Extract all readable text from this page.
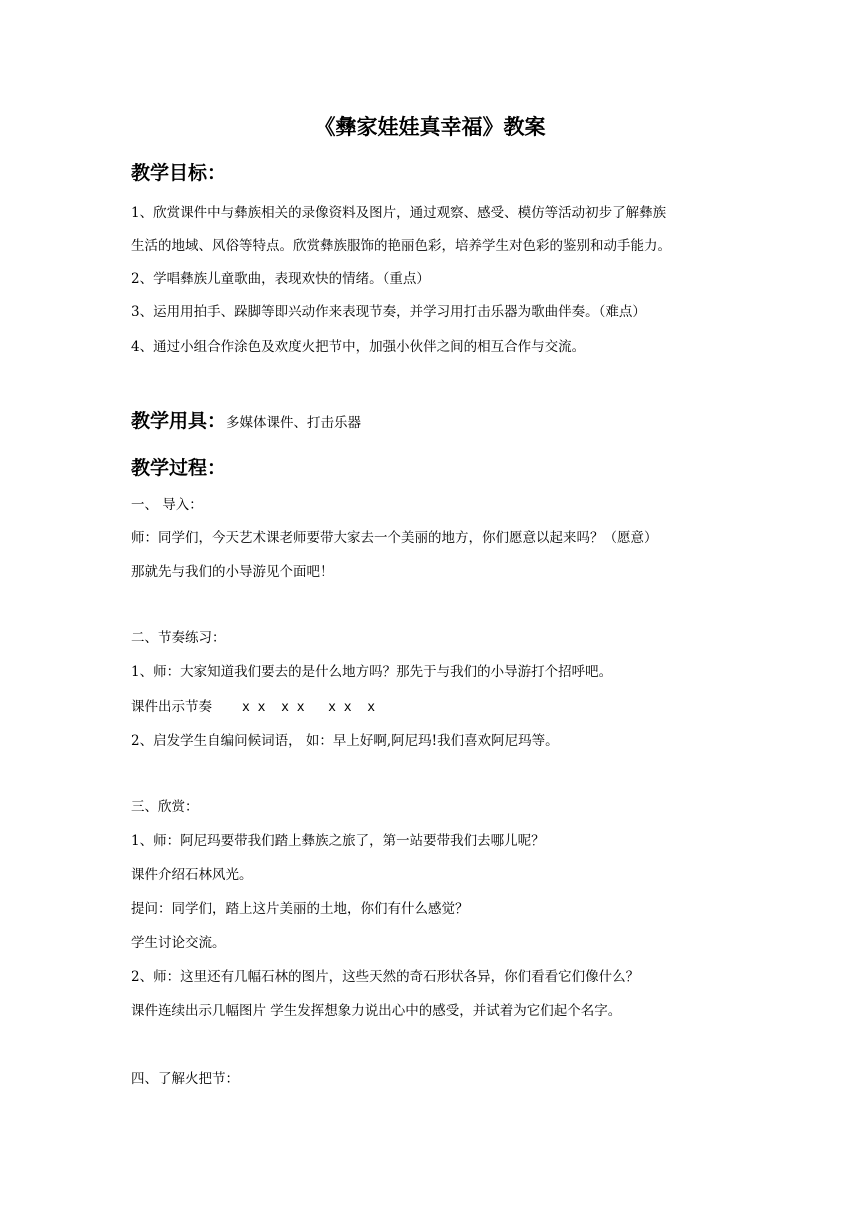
《彝家娃娃真幸福》教案
教学目标：
1、欣赏课件中与彝族相关的录像资料及图片，通过观察、感受、模仿等活动初步了解彝族
生活的地域、风俗等特点。欣赏彝族服饰的艳丽色彩，培养学生对色彩的鉴别和动手能力。
2、学唱彝族儿童歌曲，表现欢快的情绪。（重点）
3、运用用拍手、跺脚等即兴动作来表现节奏，并学习用打击乐器为歌曲伴奏。（难点）
4、通过小组合作涂色及欢度火把节中，加强小伙伴之间的相互合作与交流。
教学用具：多媒体课件、打击乐器
教学过程：
一、 导入：
师：同学们，今天艺术课老师要带大家去一个美丽的地方，你们愿意以起来吗？（愿意）
那就先与我们的小导游见个面吧！
二、节奏练习：
1、师：大家知道我们要去的是什么地方吗？那先于与我们的小导游打个招呼吧。
课件出示节奏 x x  x x   x x  x
2、启发学生自编问候词语， 如：早上好啊,阿尼玛!我们喜欢阿尼玛等。
三、欣赏：
1、师：阿尼玛要带我们踏上彝族之旅了，第一站要带我们去哪儿呢？
课件介绍石林风光。
提问：同学们，踏上这片美丽的土地，你们有什么感觉？
学生讨论交流。
2、师：这里还有几幅石林的图片，这些天然的奇石形状各异，你们看看它们像什么？
课件连续出示几幅图片 学生发挥想象力说出心中的感受，并试着为它们起个名字。
四、了解火把节：
